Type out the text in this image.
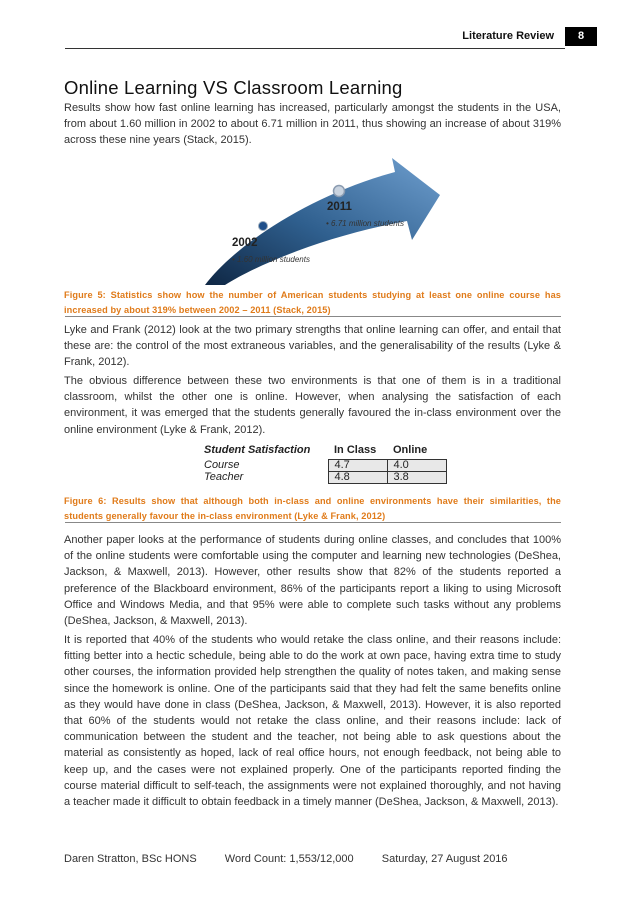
Literature Review	8
Online Learning VS Classroom Learning
Results show how fast online learning has increased, particularly amongst the students in the USA, from about 1.60 million in 2002 to about 6.71 million in 2011, thus showing an increase of about 319% across these nine years (Stack, 2015).
2002
• 1.60 million students
2011
• 6.71 million students
Figure 5: Statistics show how the number of American students studying at least one online course has increased by about 319% between 2002 – 2011 (Stack, 2015)
Lyke and Frank (2012) look at the two primary strengths that online learning can offer, and entail that these are: the control of the most extraneous variables, and the generalisability of the results (Lyke & Frank, 2012).
The obvious difference between these two environments is that one of them is in a traditional classroom, whilst the other one is online. However, when analysing the satisfaction of each environment, it was emerged that the students generally favoured the in-class environment over the online environment (Lyke & Frank, 2012).
Student Satisfaction	In Class	Online
Course	4.7	4.0
Teacher	4.8	3.8
Figure 6: Results show that although both in-class and online environments have their similarities, the students generally favour the in-class environment (Lyke & Frank, 2012)
Another paper looks at the performance of students during online classes, and concludes that 100% of the online students were comfortable using the computer and learning new technologies (DeShea, Jackson, & Maxwell, 2013). However, other results show that 82% of the students reported a preference of the Blackboard environment, 86% of the participants report a liking to using Microsoft Office and Windows Media, and that 95% were able to complete such tasks without any problems (DeShea, Jackson, & Maxwell, 2013).
It is reported that 40% of the students who would retake the class online, and their reasons include: fitting better into a hectic schedule, being able to do the work at own pace, having extra time to study other courses, the information provided help strengthen the quality of notes taken, and making sense since the homework is online. One of the participants said that they had felt the same benefits online as they would have done in class (DeShea, Jackson, & Maxwell, 2013). However, it is also reported that 60% of the students would not retake the class online, and their reasons include: lack of communication between the student and the teacher, not being able to ask questions about the material as consistently as hoped, lack of real office hours, not enough feedback, not being able to keep up, and the cases were not explained properly. One of the participants reported finding the course material difficult to self-teach, the assignments were not explained thoroughly, and not having a teacher made it difficult to obtain feedback in a timely manner (DeShea, Jackson, & Maxwell, 2013).
Daren Stratton, BSc HONS	Word Count: 1,553/12,000	Saturday, 27 August 2016
